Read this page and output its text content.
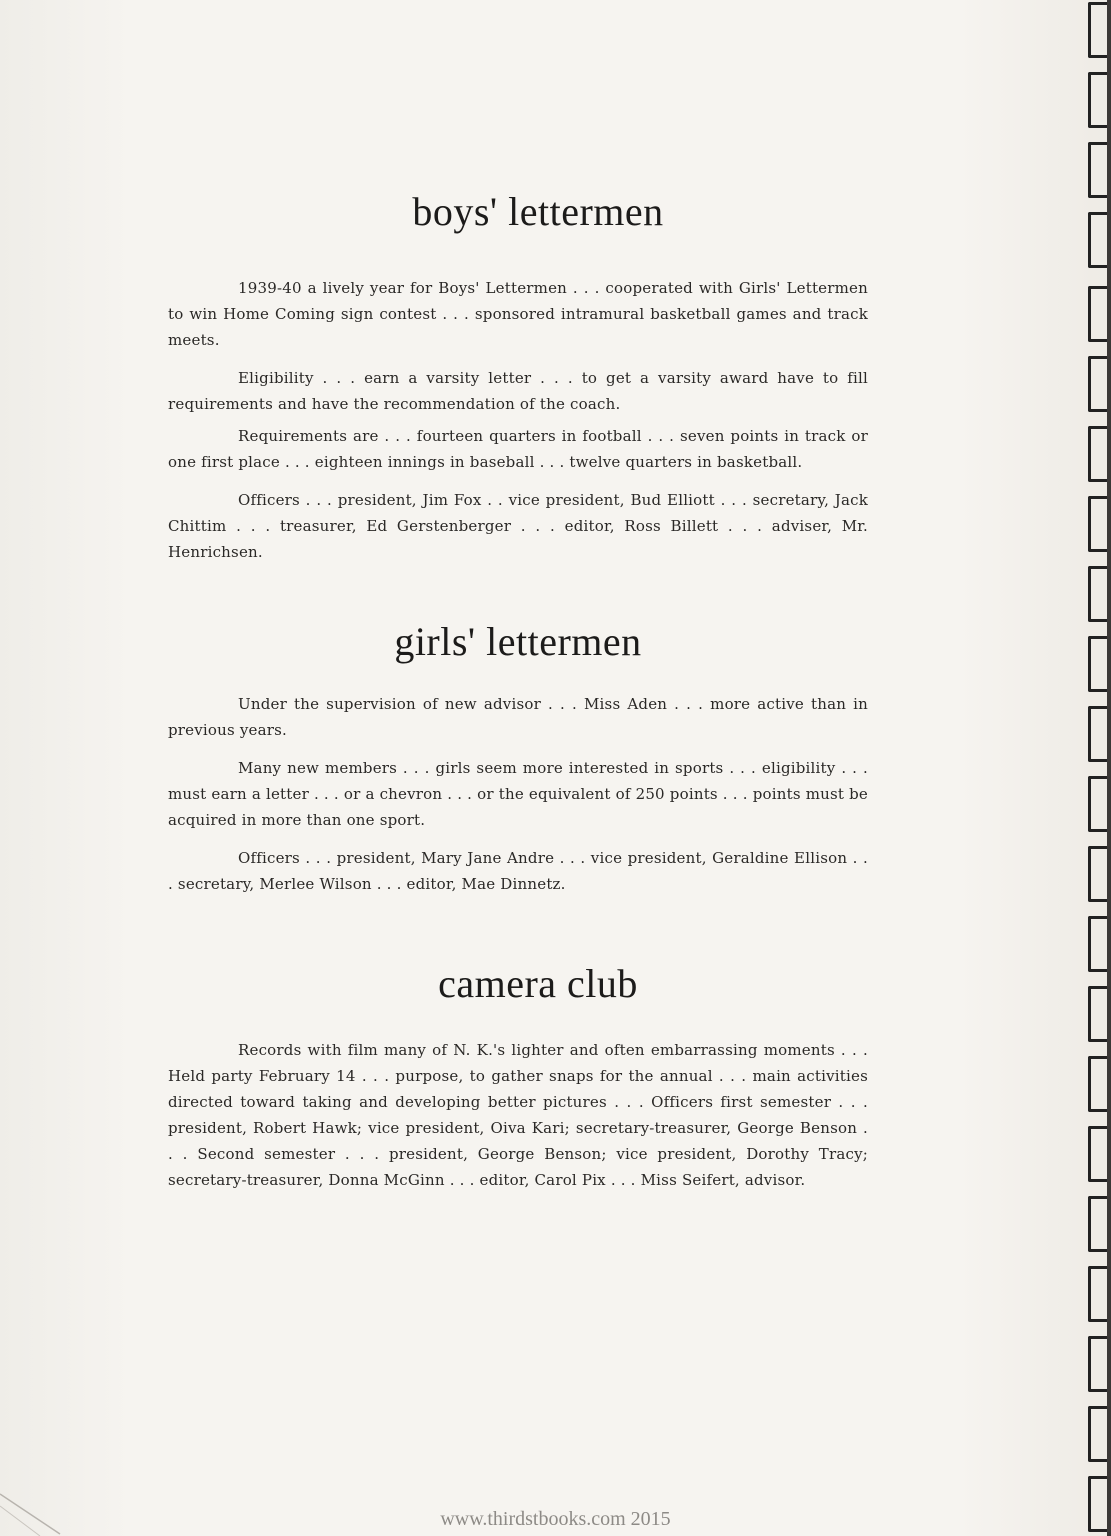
boys' lettermen

1939-40 a lively year for Boys' Lettermen . . . cooperated with Girls' Lettermen to win Home Coming sign contest . . . sponsored intramural basketball games and track meets.

Eligibility . . . earn a varsity letter . . . to get a varsity award have to fill requirements and have the recommendation of the coach.

Requirements are . . . fourteen quarters in football . . . seven points in track or one first place . . . eighteen innings in baseball . . . twelve quarters in basketball.

Officers . . . president, Jim Fox . . vice president, Bud Elliott . . . secretary, Jack Chittim . . . treasurer, Ed Gerstenberger . . . editor, Ross Billett . . . adviser, Mr. Henrichsen.

girls' lettermen

Under the supervision of new advisor . . . Miss Aden . . . more active than in previous years.

Many new members . . . girls seem more interested in sports . . . eligibility . . . must earn a letter . . . or a chevron . . . or the equivalent of 250 points . . . points must be acquired in more than one sport.

Officers . . . president, Mary Jane Andre . . . vice president, Geraldine Ellison . . . secretary, Merlee Wilson . . . editor, Mae Dinnetz.

camera club

Records with film many of N. K.'s lighter and often embarrassing moments . . . Held party February 14 . . . purpose, to gather snaps for the annual . . . main activities directed toward taking and developing better pictures . . . Officers first semester . . . president, Robert Hawk; vice president, Oiva Kari; secretary-treasurer, George Benson . . . Second semester . . . president, George Benson; vice president, Dorothy Tracy; secretary-treasurer, Donna McGinn . . . editor, Carol Pix . . . Miss Seifert, advisor.

www.thirdstbooks.com 2015
